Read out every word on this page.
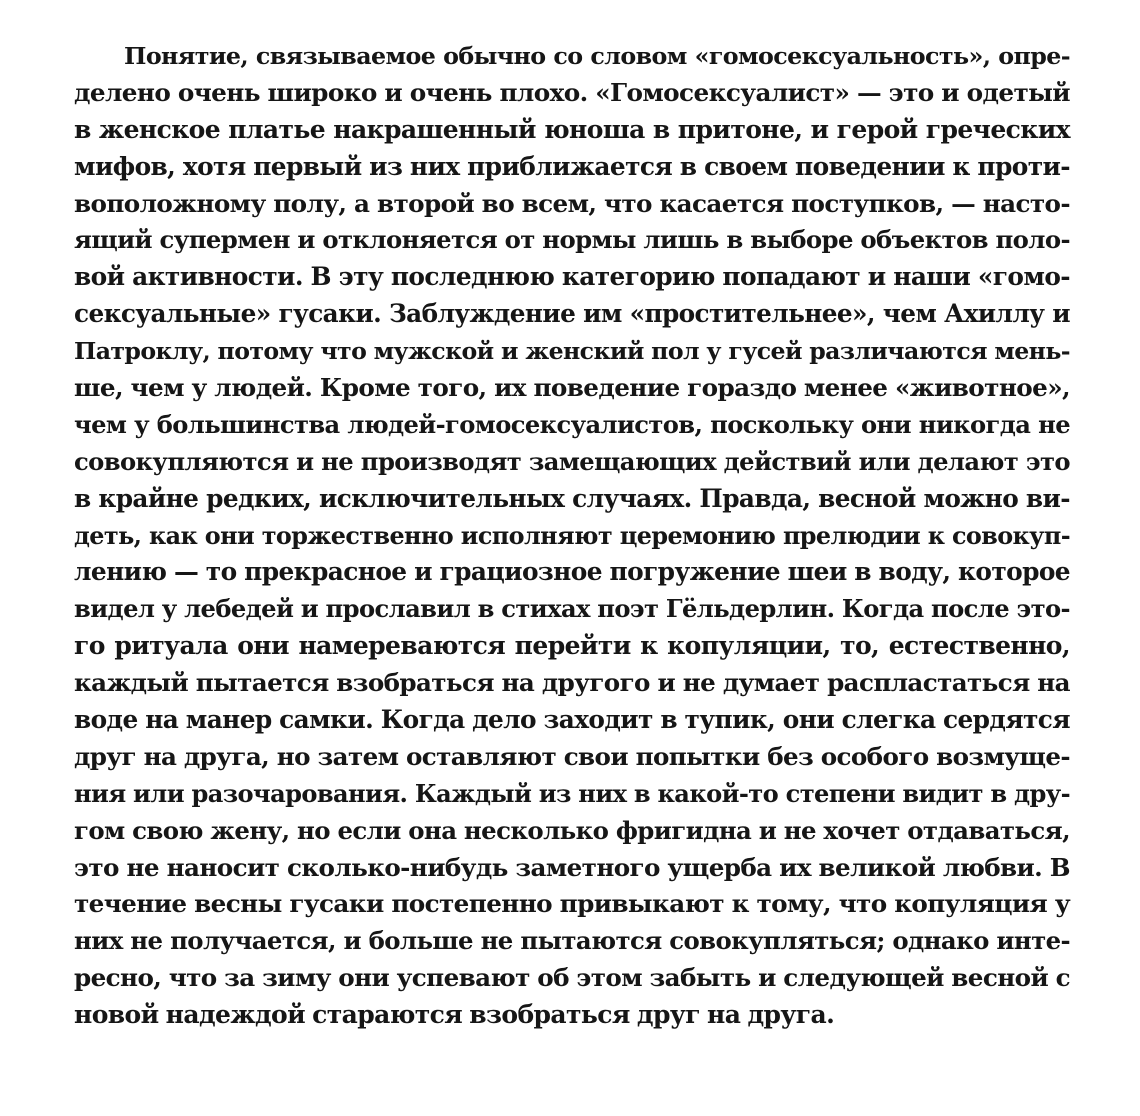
Понятие, связываемое обычно со словом «гомосексуальность», опре-
делено очень широко и очень плохо. «Гомосексуалист» — это и одетый
в женское платье накрашенный юноша в притоне, и герой греческих
мифов, хотя первый из них приближается в своем поведении к проти-
воположному полу, а второй во всем, что касается поступков, — насто-
ящий супермен и отклоняется от нормы лишь в выборе объектов поло-
вой активности. В эту последнюю категорию попадают и наши «гомо-
сексуальные» гусаки. Заблуждение им «простительнее», чем Ахиллу и
Патроклу, потому что мужской и женский пол у гусей различаются мень-
ше, чем у людей. Кроме того, их поведение гораздо менее «животное»,
чем у большинства людей-гомосексуалистов, поскольку они никогда не
совокупляются и не производят замещающих действий или делают это
в крайне редких, исключительных случаях. Правда, весной можно ви-
деть, как они торжественно исполняют церемонию прелюдии к совокуп-
лению — то прекрасное и грациозное погружение шеи в воду, которое
видел у лебедей и прославил в стихах поэт Гёльдерлин. Когда после это-
го ритуала они намереваются перейти к копуляции, то, естественно,
каждый пытается взобраться на другого и не думает распластаться на
воде на манер самки. Когда дело заходит в тупик, они слегка сердятся
друг на друга, но затем оставляют свои попытки без особого возмуще-
ния или разочарования. Каждый из них в какой-то степени видит в дру-
гом свою жену, но если она несколько фригидна и не хочет отдаваться,
это не наносит сколько-нибудь заметного ущерба их великой любви. В
течение весны гусаки постепенно привыкают к тому, что копуляция у
них не получается, и больше не пытаются совокупляться; однако инте-
ресно, что за зиму они успевают об этом забыть и следующей весной с
новой надеждой стараются взобраться друг на друга.
